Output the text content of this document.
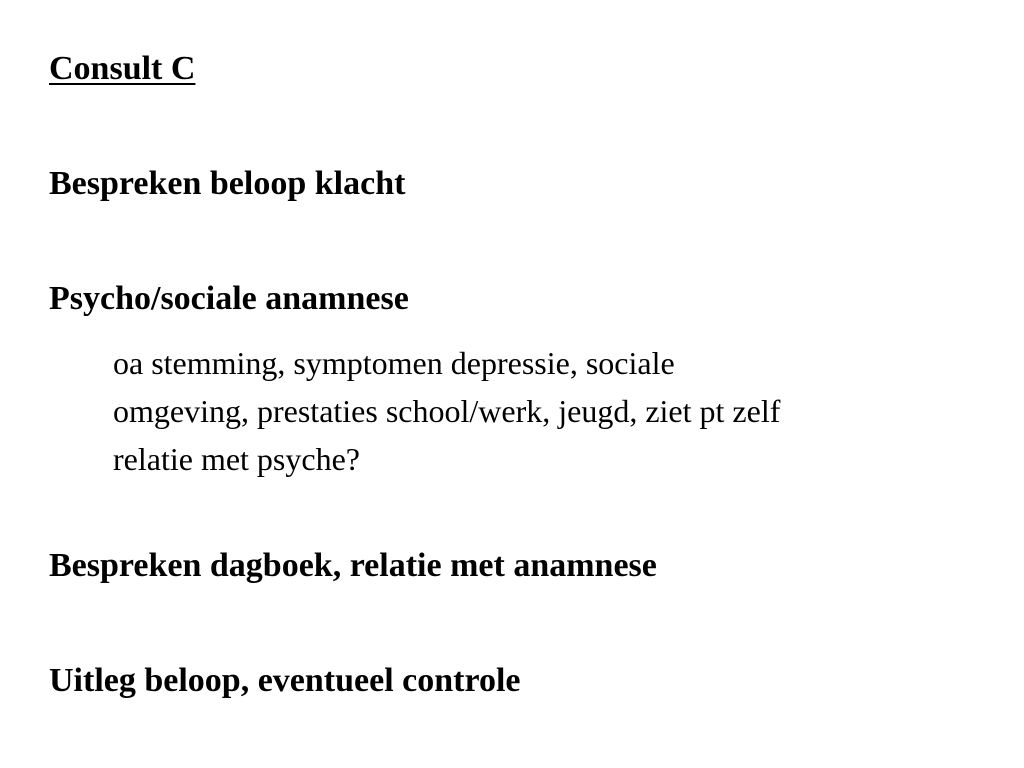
Consult C
Bespreken beloop klacht
Psycho/sociale anamnese

oa stemming, symptomen depressie, sociale
omgeving, prestaties school/werk, jeugd, ziet pt zelf
relatie met psyche?

Bespreken dagboek, relatie met anamnese
Uitleg beloop, eventueel controle
